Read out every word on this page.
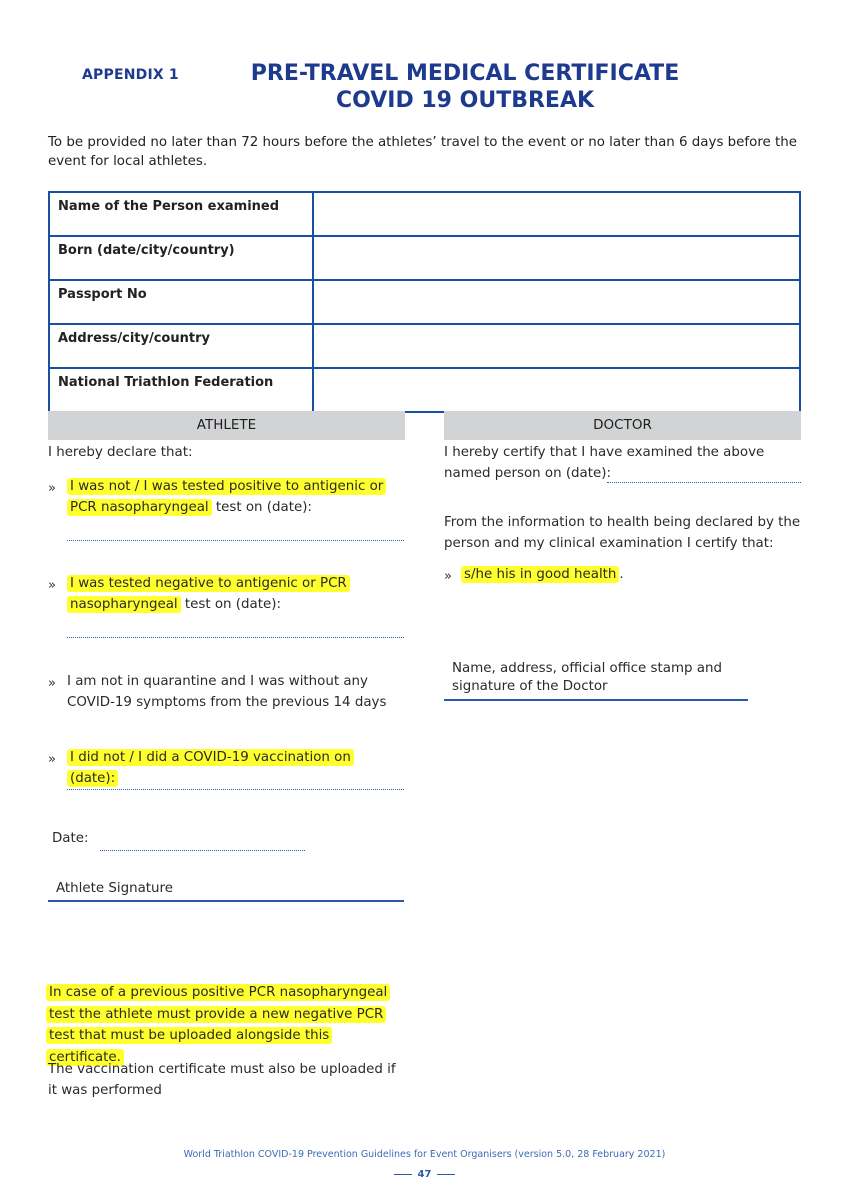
APPENDIX 1	PRE-TRAVEL MEDICAL CERTIFICATE
COVID 19 OUTBREAK
To be provided no later than 72 hours before the athletes’ travel to the event or no later than 6 days before the event for local athletes.
Name of the Person examined	
Born (date/city/country)	
Passport No	
Address/city/country	
National Triathlon Federation	
ATHLETE
I hereby declare that:
» I was not / I was tested positive to antigenic or PCR nasopharyngeal test on (date):
» I was tested negative to antigenic or PCR nasopharyngeal test on (date):
» I am not in quarantine and I was without any COVID-19 symptoms from the previous 14 days
» I did not / I did a COVID-19 vaccination on (date):
Date:
Athlete Signature
In case of a previous positive PCR nasopharyngeal test the athlete must provide a new negative PCR test that must be uploaded alongside this certificate.
The vaccination certificate must also be uploaded if it was performed
DOCTOR
I hereby certify that I have examined the above named person on (date):
From the information to health being declared by the person and my clinical examination I certify that:
» s/he his in good health .
Name, address, official office stamp and signature of the Doctor
World Triathlon COVID-19 Prevention Guidelines for Event Organisers (version 5.0, 28 February 2021)
47
